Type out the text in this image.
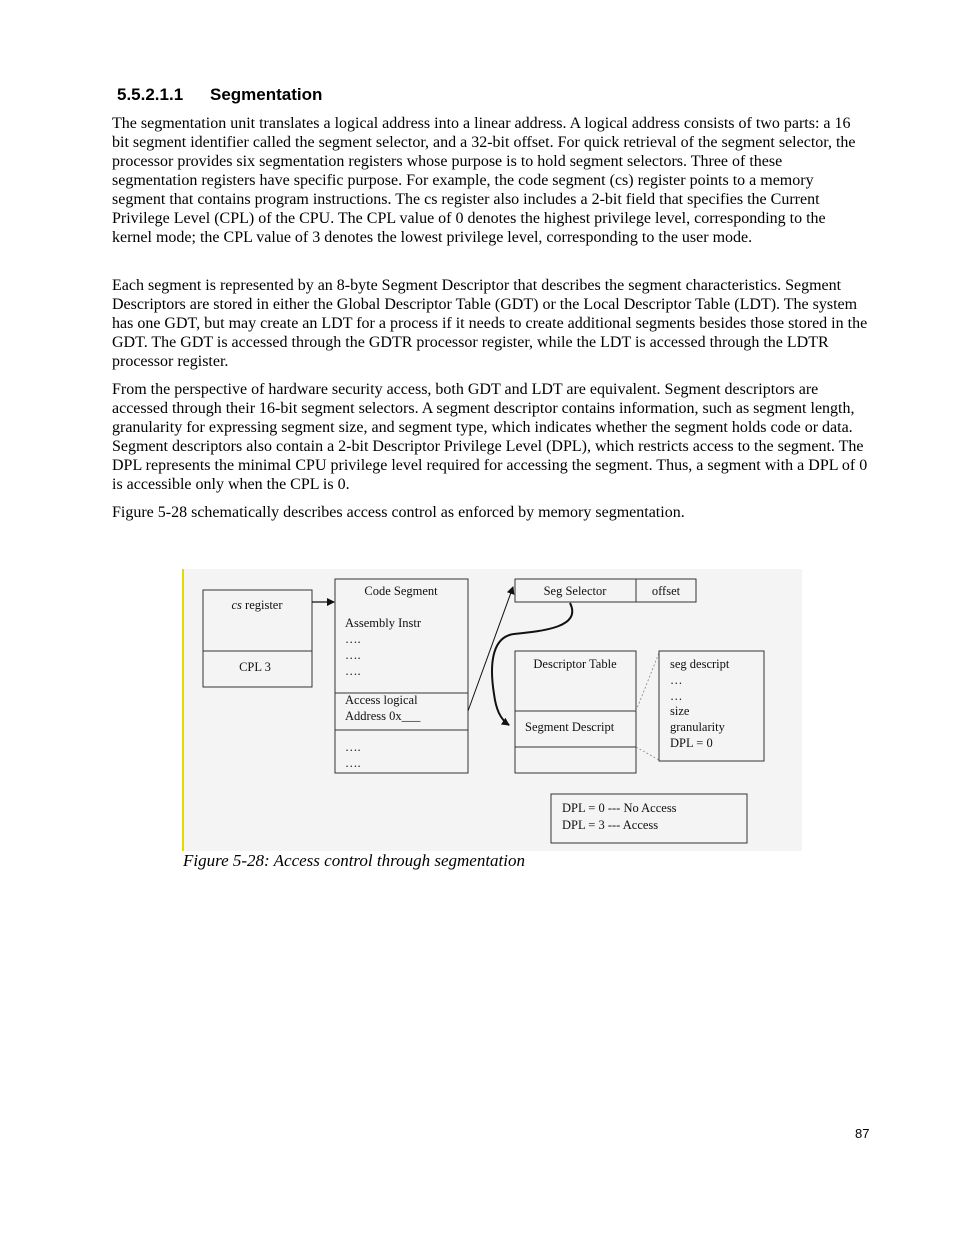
5.5.2.1.1 Segmentation

The segmentation unit translates a logical address into a linear address. A logical address consists of two parts: a 16 bit segment identifier called the segment selector, and a 32-bit offset. For quick retrieval of the segment selector, the processor provides six segmentation registers whose purpose is to hold segment selectors. Three of these segmentation registers have specific purpose. For example, the code segment (cs) register points to a memory segment that contains program instructions. The cs register also includes a 2-bit field that specifies the Current Privilege Level (CPL) of the CPU. The CPL value of 0 denotes the highest privilege level, corresponding to the kernel mode; the CPL value of 3 denotes the lowest privilege level, corresponding to the user mode.

Each segment is represented by an 8-byte Segment Descriptor that describes the segment characteristics. Segment Descriptors are stored in either the Global Descriptor Table (GDT) or the Local Descriptor Table (LDT). The system has one GDT, but may create an LDT for a process if it needs to create additional segments besides those stored in the GDT. The GDT is accessed through the GDTR processor register, while the LDT is accessed through the LDTR processor register.

From the perspective of hardware security access, both GDT and LDT are equivalent. Segment descriptors are accessed through their 16-bit segment selectors. A segment descriptor contains information, such as segment length, granularity for expressing segment size, and segment type, which indicates whether the segment holds code or data. Segment descriptors also contain a 2-bit Descriptor Privilege Level (DPL), which restricts access to the segment. The DPL represents the minimal CPU privilege level required for accessing the segment. Thus, a segment with a DPL of 0 is accessible only when the CPL is 0.

Figure 5-28 schematically describes access control as enforced by memory segmentation.

cs register
CPL 3
Code Segment
Assembly Instr
….
….
….
Access logical
Address 0x___
….
….
Seg Selector	offset
Descriptor Table
Segment Descript
seg descript
…
…
size
granularity
DPL = 0
DPL = 0 --- No Access
DPL = 3 --- Access

Figure 5-28: Access control through segmentation

87
